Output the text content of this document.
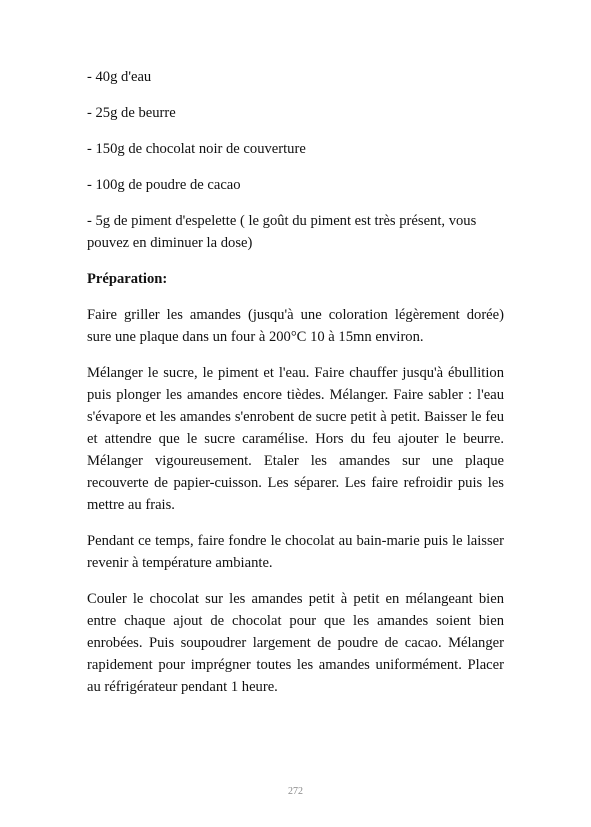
- 40g d'eau

- 25g de beurre

- 150g de chocolat noir de couverture

- 100g de poudre de cacao

- 5g de piment d'espelette ( le goût du piment est très présent, vous pouvez en diminuer la dose)

Préparation:

Faire griller les amandes (jusqu'à une coloration légèrement dorée) sure une plaque dans un four à 200°C 10 à 15mn environ.

Mélanger le sucre, le piment et l'eau. Faire chauffer jusqu'à ébullition puis plonger les amandes encore tièdes. Mélanger. Faire sabler : l'eau s'évapore et les amandes s'enrobent de sucre petit à petit. Baisser le feu et attendre que le sucre caramélise. Hors du feu ajouter le beurre. Mélanger vigoureusement. Etaler les amandes sur une plaque recouverte de papier-cuisson. Les séparer. Les faire refroidir puis les mettre au frais.

Pendant ce temps, faire fondre le chocolat au bain-marie puis le laisser revenir à température ambiante.

Couler le chocolat sur les amandes petit à petit en mélangeant bien entre chaque ajout de chocolat pour que les amandes soient bien enrobées. Puis soupoudrer largement de poudre de cacao. Mélanger rapidement pour imprégner toutes les amandes uniformément. Placer au réfrigérateur pendant 1 heure.

272
